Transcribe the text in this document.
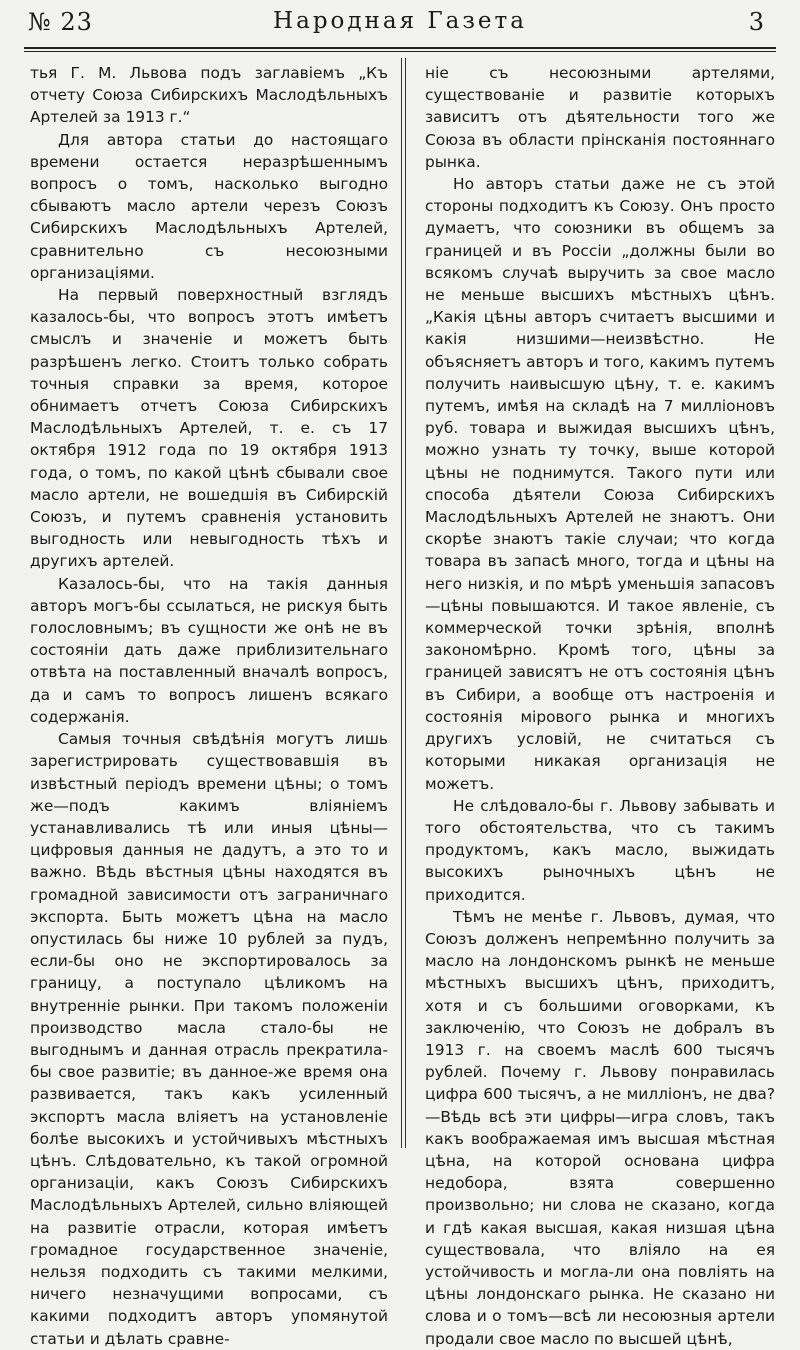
№ 23	Народная Газета	3

тья Г. М. Львова подъ заглавіемъ „Къ отчету Союза Сибирскихъ Маслодѣльныхъ Артелей за 1913 г.“

Для автора статьи до настоящаго времени остается неразрѣшеннымъ вопросъ о томъ, насколько выгодно сбываютъ масло артели черезъ Союзъ Сибирскихъ Маслодѣльныхъ Артелей, сравнительно съ несоюзными организаціями.

На первый поверхностный взглядъ казалось-бы, что вопросъ этотъ имѣетъ смыслъ и значеніе и можетъ быть разрѣшенъ легко. Стоитъ только собрать точныя справки за время, которое обнимаетъ отчетъ Союза Сибирскихъ Маслодѣльныхъ Артелей, т. е. съ 17 октября 1912 года по 19 октября 1913 года, о томъ, по какой цѣнѣ сбывали свое масло артели, не вошедшія въ Сибирскій Союзъ, и путемъ сравненія установить выгодность или невыгодность тѣхъ и другихъ артелей.

Казалось-бы, что на такія данныя авторъ могъ-бы ссылаться, не рискуя быть голословнымъ; въ сущности же онѣ не въ состояніи дать даже приблизительнаго отвѣта на поставленный вначалѣ вопросъ, да и самъ то вопросъ лишенъ всякаго содержанія.

Самыя точныя свѣдѣнія могутъ лишь зарегистрировать существовавшія въ извѣстный періодъ времени цѣны; о томъ же—подъ какимъ вліяніемъ устанавливались тѣ или иныя цѣны—цифровыя данныя не дадутъ, а это то и важно. Вѣдь вѣстныя цѣны находятся въ громадной зависимости отъ заграничнаго экспорта. Быть можетъ цѣна на масло опустилась бы ниже 10 рублей за пудъ, если-бы оно не экспортировалось за границу, а поступало цѣликомъ на внутренніе рынки. При такомъ положеніи производство масла стало-бы не выгоднымъ и данная отрасль прекратила-бы свое развитіе; въ данное-же время она развивается, такъ какъ усиленный экспортъ масла вліяетъ на установленіе болѣе высокихъ и устойчивыхъ мѣстныхъ цѣнъ. Слѣдовательно, къ такой огромной организаціи, какъ Союзъ Сибирскихъ Маслодѣльныхъ Артелей, сильно вліяющей на развитіе отрасли, которая имѣетъ громадное государственное значеніе, нельзя подходить съ такими мелкими, ничего незначущими вопросами, съ какими подходитъ авторъ упомянутой статьи и дѣлать сравне-

ніе съ несоюзными артелями, существованіе и развитіе которыхъ зависитъ отъ дѣятельности того же Союза въ области прінсканія постояннаго рынка.

Но авторъ статьи даже не съ этой стороны подходитъ къ Союзу. Онъ просто думаетъ, что союзники въ общемъ за границей и въ Россіи „должны были во всякомъ случаѣ выручить за свое масло не меньше высшихъ мѣстныхъ цѣнъ. „Какія цѣны авторъ считаетъ высшими и какія низшими—неизвѣстно. Не объясняетъ авторъ и того, какимъ путемъ получить наивысшую цѣну, т. е. какимъ путемъ, имѣя на складѣ на 7 милліоновъ руб. товара и выжидая высшихъ цѣнъ, можно узнать ту точку, выше которой цѣны не поднимутся. Такого пути или способа дѣятели Союза Сибирскихъ Маслодѣльныхъ Артелей не знаютъ. Они скорѣе знаютъ такіе случаи; что когда товара въ запасѣ много, тогда и цѣны на него низкія, и по мѣрѣ уменьшія запасовъ—цѣны повышаются. И такое явленіе, съ коммерческой точки зрѣнія, вполнѣ закономѣрно. Кромѣ того, цѣны за границей зависятъ не отъ состоянія цѣнъ въ Сибири, а вообще отъ настроенія и состоянія мірового рынка и многихъ другихъ условій, не считаться съ которыми никакая организація не можетъ.

Не слѣдовало-бы г. Львову забывать и того обстоятельства, что съ такимъ продуктомъ, какъ масло, выжидать высокихъ рыночныхъ цѣнъ не приходится.

Тѣмъ не менѣе г. Львовъ, думая, что Союзъ долженъ непремѣнно получить за масло на лондонскомъ рынкѣ не меньше мѣстныхъ высшихъ цѣнъ, приходитъ, хотя и съ большими оговорками, къ заключенію, что Союзъ не добралъ въ 1913 г. на своемъ маслѣ 600 тысячъ рублей. Почему г. Львову понравилась цифра 600 тысячъ, а не милліонъ, не два?—Вѣдь всѣ эти цифры—игра словъ, такъ какъ воображаемая имъ высшая мѣстная цѣна, на которой основана цифра недобора, взята совершенно произвольно; ни слова не сказано, когда и гдѣ какая высшая, какая низшая цѣна существовала, что вліяло на ея устойчивость и могла-ли она повліять на цѣны лондонскаго рынка. Не сказано ни слова и о томъ—всѣ ли несоюзныя артели продали свое масло по высшей цѣнѣ,
